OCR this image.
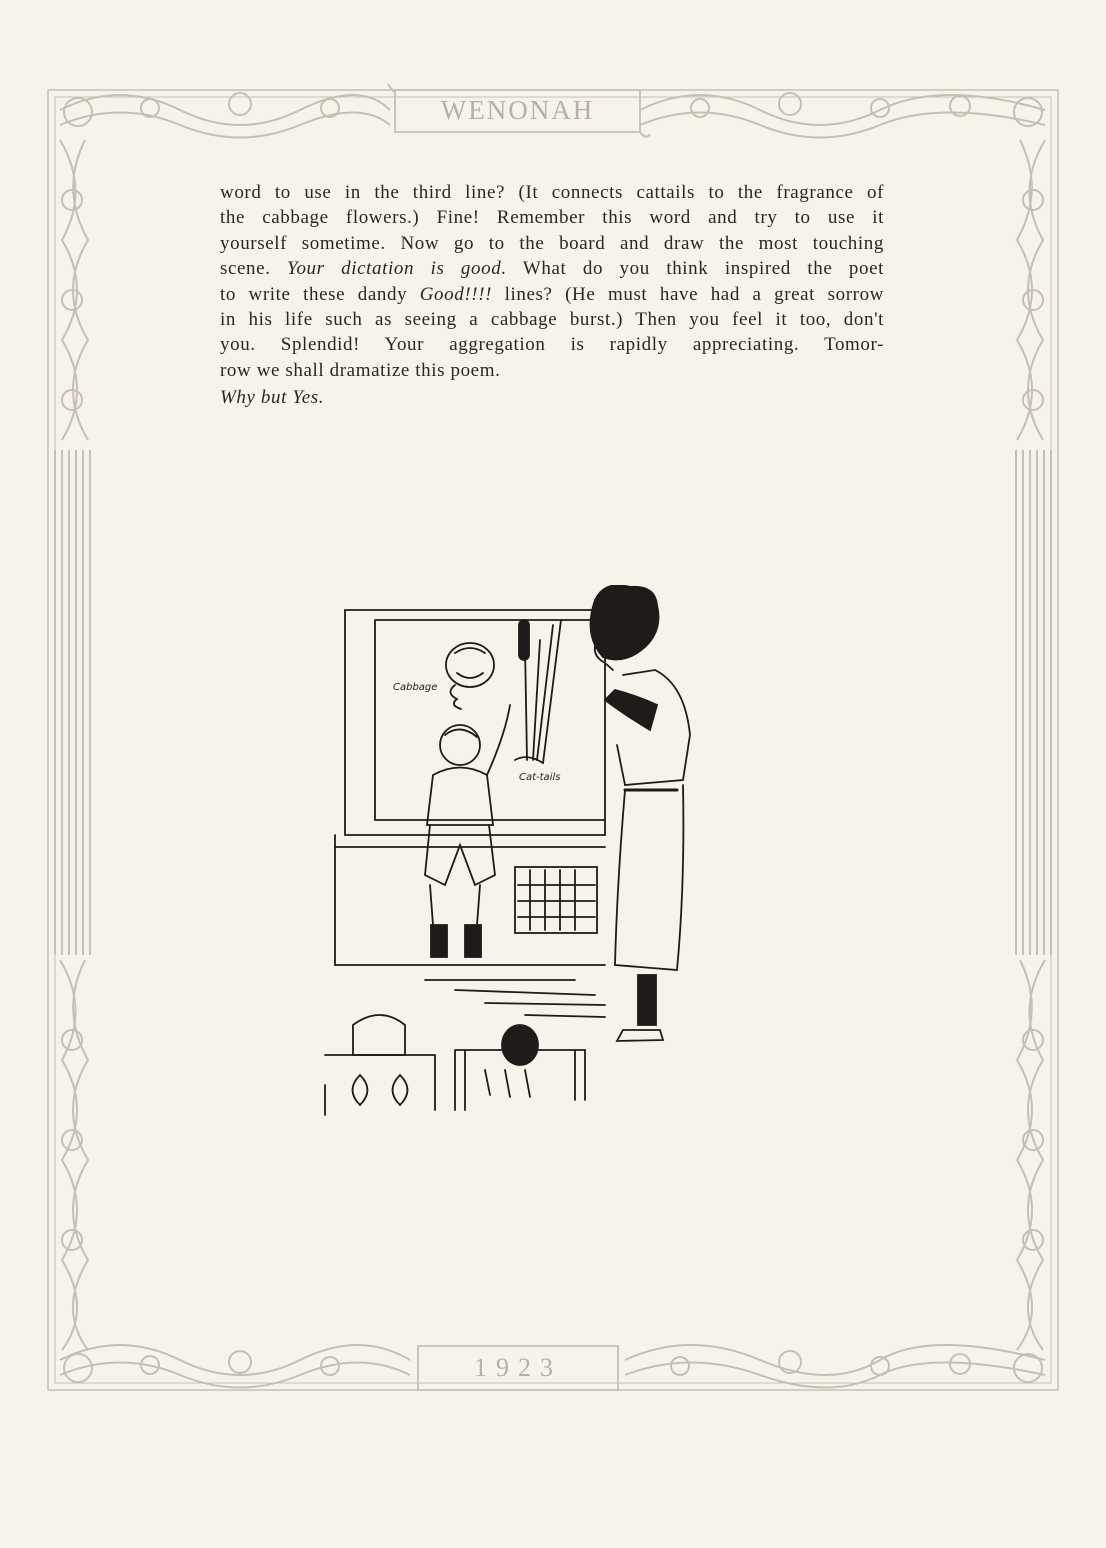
WENONAH
1923
word to use in the third line? (It connects cattails to the fragrance of
the cabbage flowers.) Fine! Remember this word and try to use it
yourself sometime. Now go to the board and draw the most touching
scene. Your dictation is good. What do you think inspired the poet
to write these dandy Good!!!! lines? (He must have had a great sorrow
in his life such as seeing a cabbage burst.) Then you feel it too, don't
you. Splendid! Your aggregation is rapidly appreciating. Tomor-
row we shall dramatize this poem.
Why but Yes.
Cabbage
Cat-tails
